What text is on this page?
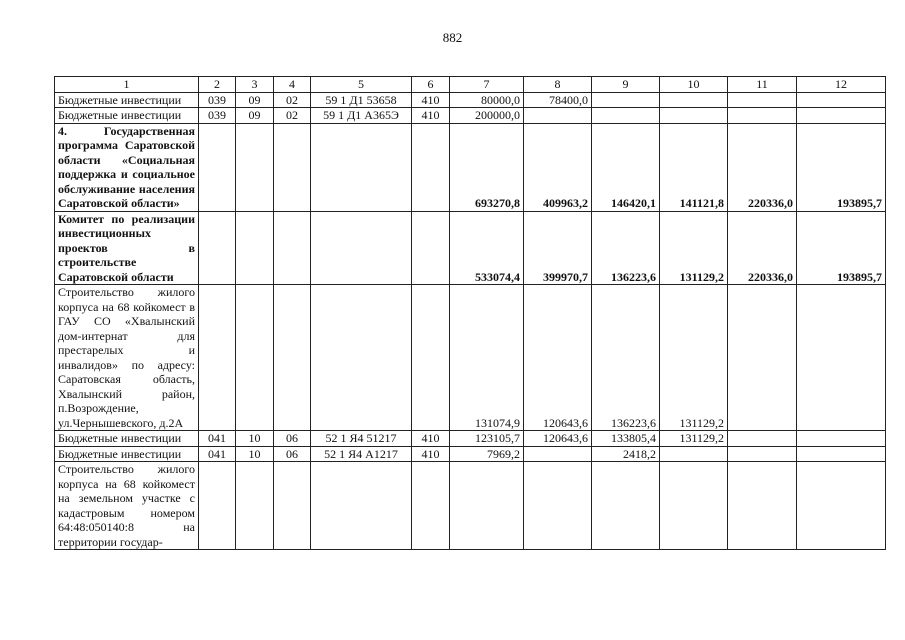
882
1	2	3	4	5	6	7	8	9	10	11	12
Бюджетные инвестиции	039	09	02	59 1 Д1 53658	410	80000,0	78400,0				
Бюджетные инвестиции	039	09	02	59 1 Д1 А365Э	410	200000,0					
4. Государственная программа Саратовской области «Социальная поддержка и социальное обслуживание населения Саратовской области»						693270,8	409963,2	146420,1	141121,8	220336,0	193895,7
Комитет по реализации инвестиционных проектов в строительстве Саратовской области						533074,4	399970,7	136223,6	131129,2	220336,0	193895,7
Строительство жилого корпуса на 68 койкомест в ГАУ СО «Хвалынский дом-интернат для престарелых и инвалидов» по адресу: Саратовская область, Хвалынский район, п.Возрождение, ул.Чернышевского, д.2А						131074,9	120643,6	136223,6	131129,2		
Бюджетные инвестиции	041	10	06	52 1 Я4 51217	410	123105,7	120643,6	133805,4	131129,2		
Бюджетные инвестиции	041	10	06	52 1 Я4 А1217	410	7969,2		2418,2			
Строительство жилого корпуса на 68 койкомест на земельном участке с кадастровым номером 64:48:050140:8 на территории государ-											
